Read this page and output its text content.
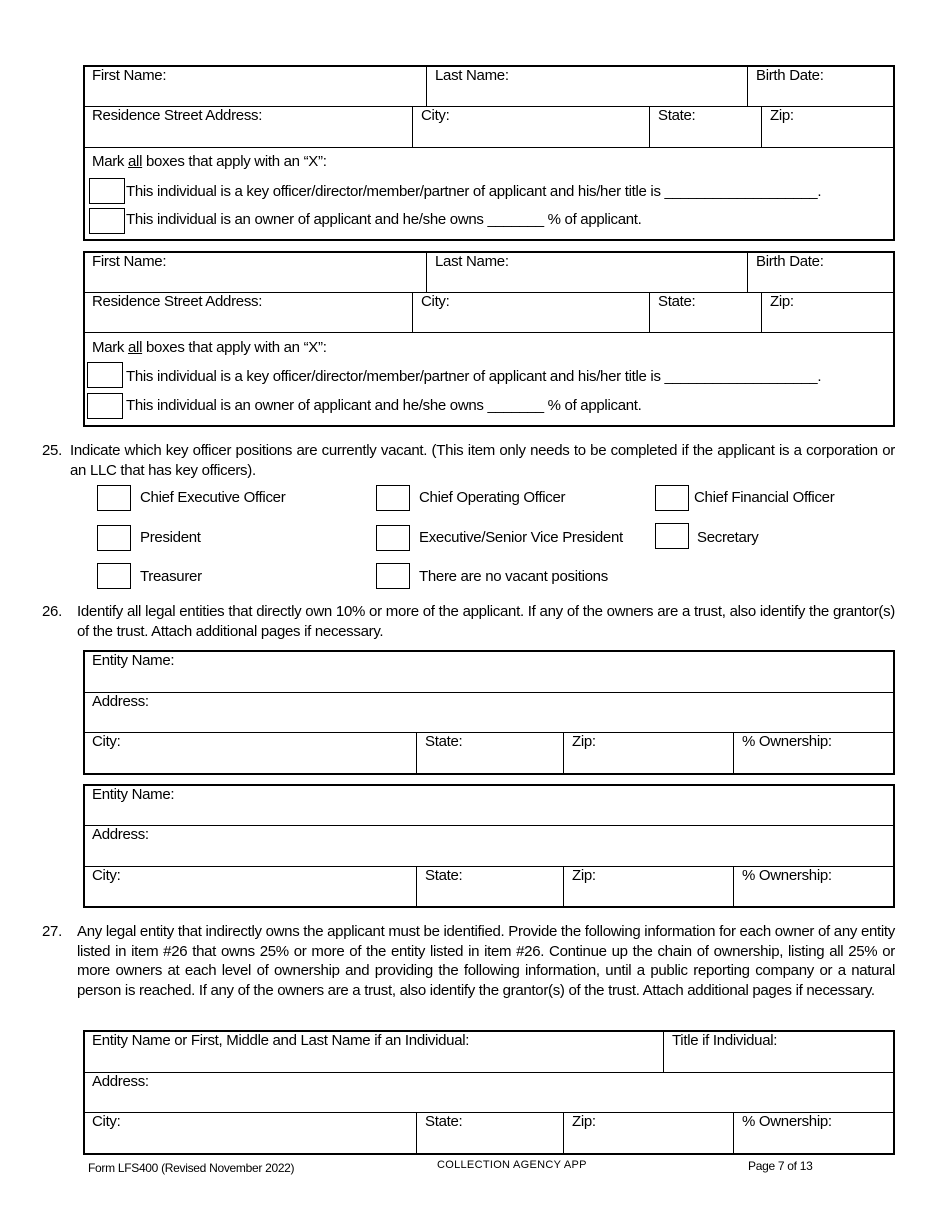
First Name:	Last Name:	Birth Date:
Residence Street Address:	City:	State:	Zip:
Mark all boxes that apply with an “X”:
This individual is a key officer/director/member/partner of applicant and his/her title is ___________________.
This individual is an owner of applicant and he/she owns _______ % of applicant.
First Name:	Last Name:	Birth Date:
Residence Street Address:	City:	State:	Zip:
Mark all boxes that apply with an “X”:
This individual is a key officer/director/member/partner of applicant and his/her title is ___________________.
This individual is an owner of applicant and he/she owns _______ % of applicant.
25. Indicate which key officer positions are currently vacant. (This item only needs to be completed if the applicant is a corporation or an LLC that has key officers).
Chief Executive Officer	Chief Operating Officer	Chief Financial Officer
President	Executive/Senior Vice President	Secretary
Treasurer	There are no vacant positions
26. Identify all legal entities that directly own 10% or more of the applicant. If any of the owners are a trust, also identify the grantor(s) of the trust. Attach additional pages if necessary.
Entity Name:
Address:
City:	State:	Zip:	% Ownership:
Entity Name:
Address:
City:	State:	Zip:	% Ownership:
27. Any legal entity that indirectly owns the applicant must be identified. Provide the following information for each owner of any entity listed in item #26 that owns 25% or more of the entity listed in item #26. Continue up the chain of ownership, listing all 25% or more owners at each level of ownership and providing the following information, until a public reporting company or a natural person is reached. If any of the owners are a trust, also identify the grantor(s) of the trust. Attach additional pages if necessary.
Entity Name or First, Middle and Last Name if an Individual:	Title if Individual:
Address:
City:	State:	Zip:	% Ownership:
Form LFS400 (Revised November 2022)	COLLECTION AGENCY APP	Page 7 of 13
